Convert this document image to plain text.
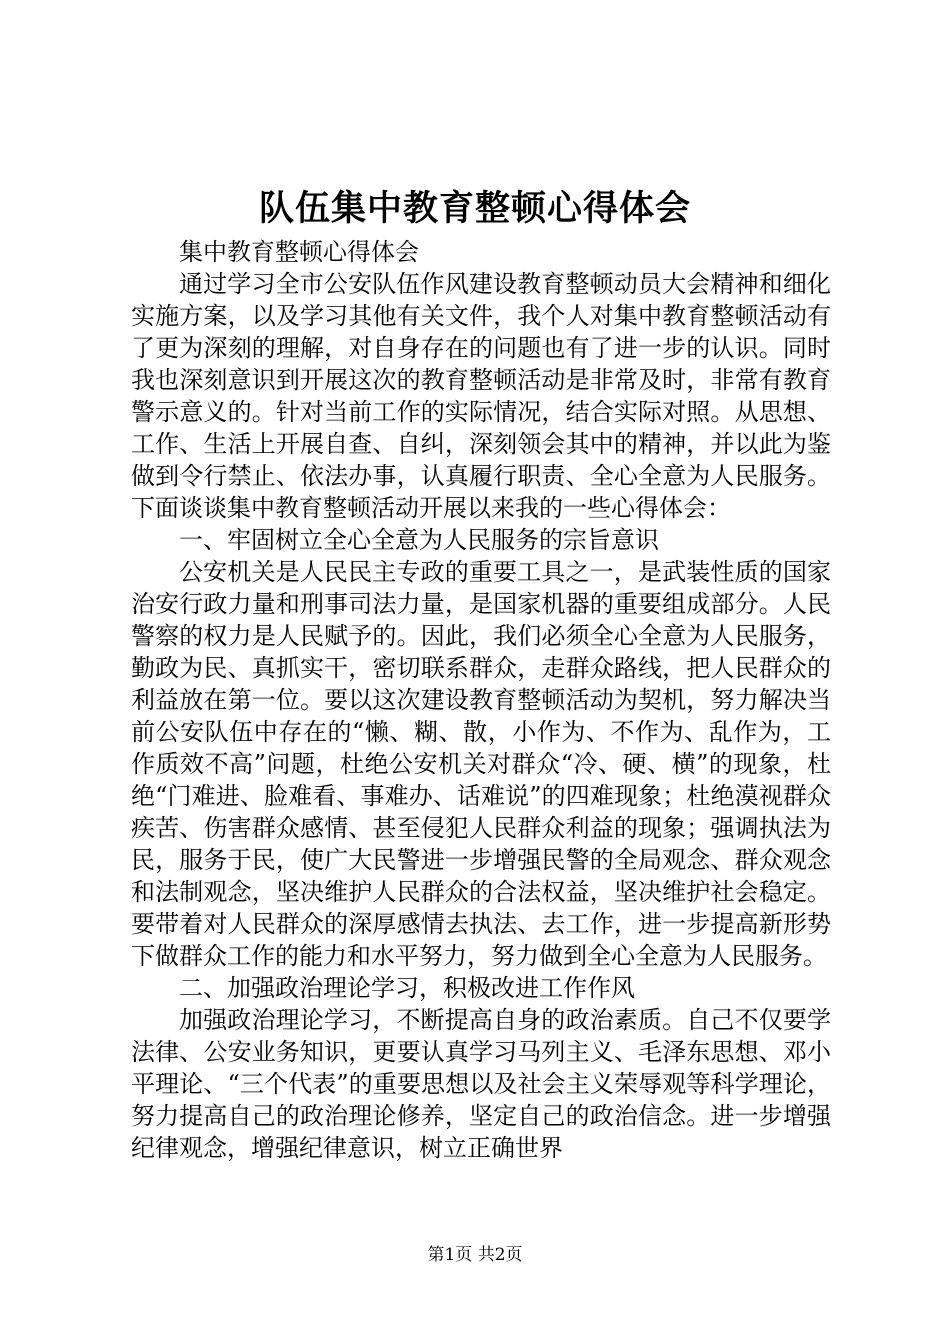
队伍集中教育整顿心得体会

集中教育整顿心得体会

通过学习全市公安队伍作风建设教育整顿动员大会精神和细化实施方案，以及学习其他有关文件，我个人对集中教育整顿活动有了更为深刻的理解，对自身存在的问题也有了进一步的认识。同时我也深刻意识到开展这次的教育整顿活动是非常及时，非常有教育警示意义的。针对当前工作的实际情况，结合实际对照。从思想、工作、生活上开展自查、自纠，深刻领会其中的精神，并以此为鉴做到令行禁止、依法办事，认真履行职责、全心全意为人民服务。下面谈谈集中教育整顿活动开展以来我的一些心得体会：

一、牢固树立全心全意为人民服务的宗旨意识

公安机关是人民民主专政的重要工具之一，是武装性质的国家治安行政力量和刑事司法力量，是国家机器的重要组成部分。人民警察的权力是人民赋予的。因此，我们必须全心全意为人民服务，勤政为民、真抓实干，密切联系群众，走群众路线，把人民群众的利益放在第一位。要以这次建设教育整顿活动为契机，努力解决当前公安队伍中存在的“懒、糊、散，小作为、不作为、乱作为，工作质效不高”问题，杜绝公安机关对群众“冷、硬、横”的现象，杜绝“门难进、脸难看、事难办、话难说”的四难现象；杜绝漠视群众疾苦、伤害群众感情、甚至侵犯人民群众利益的现象；强调执法为民，服务于民，使广大民警进一步增强民警的全局观念、群众观念和法制观念，坚决维护人民群众的合法权益，坚决维护社会稳定。要带着对人民群众的深厚感情去执法、去工作，进一步提高新形势下做群众工作的能力和水平努力，努力做到全心全意为人民服务。

二、加强政治理论学习，积极改进工作作风

加强政治理论学习，不断提高自身的政治素质。自己不仅要学法律、公安业务知识，更要认真学习马列主义、毛泽东思想、邓小平理论、“三个代表”的重要思想以及社会主义荣辱观等科学理论，努力提高自己的政治理论修养，坚定自己的政治信念。进一步增强纪律观念，增强纪律意识，树立正确世界

第1页 共2页
